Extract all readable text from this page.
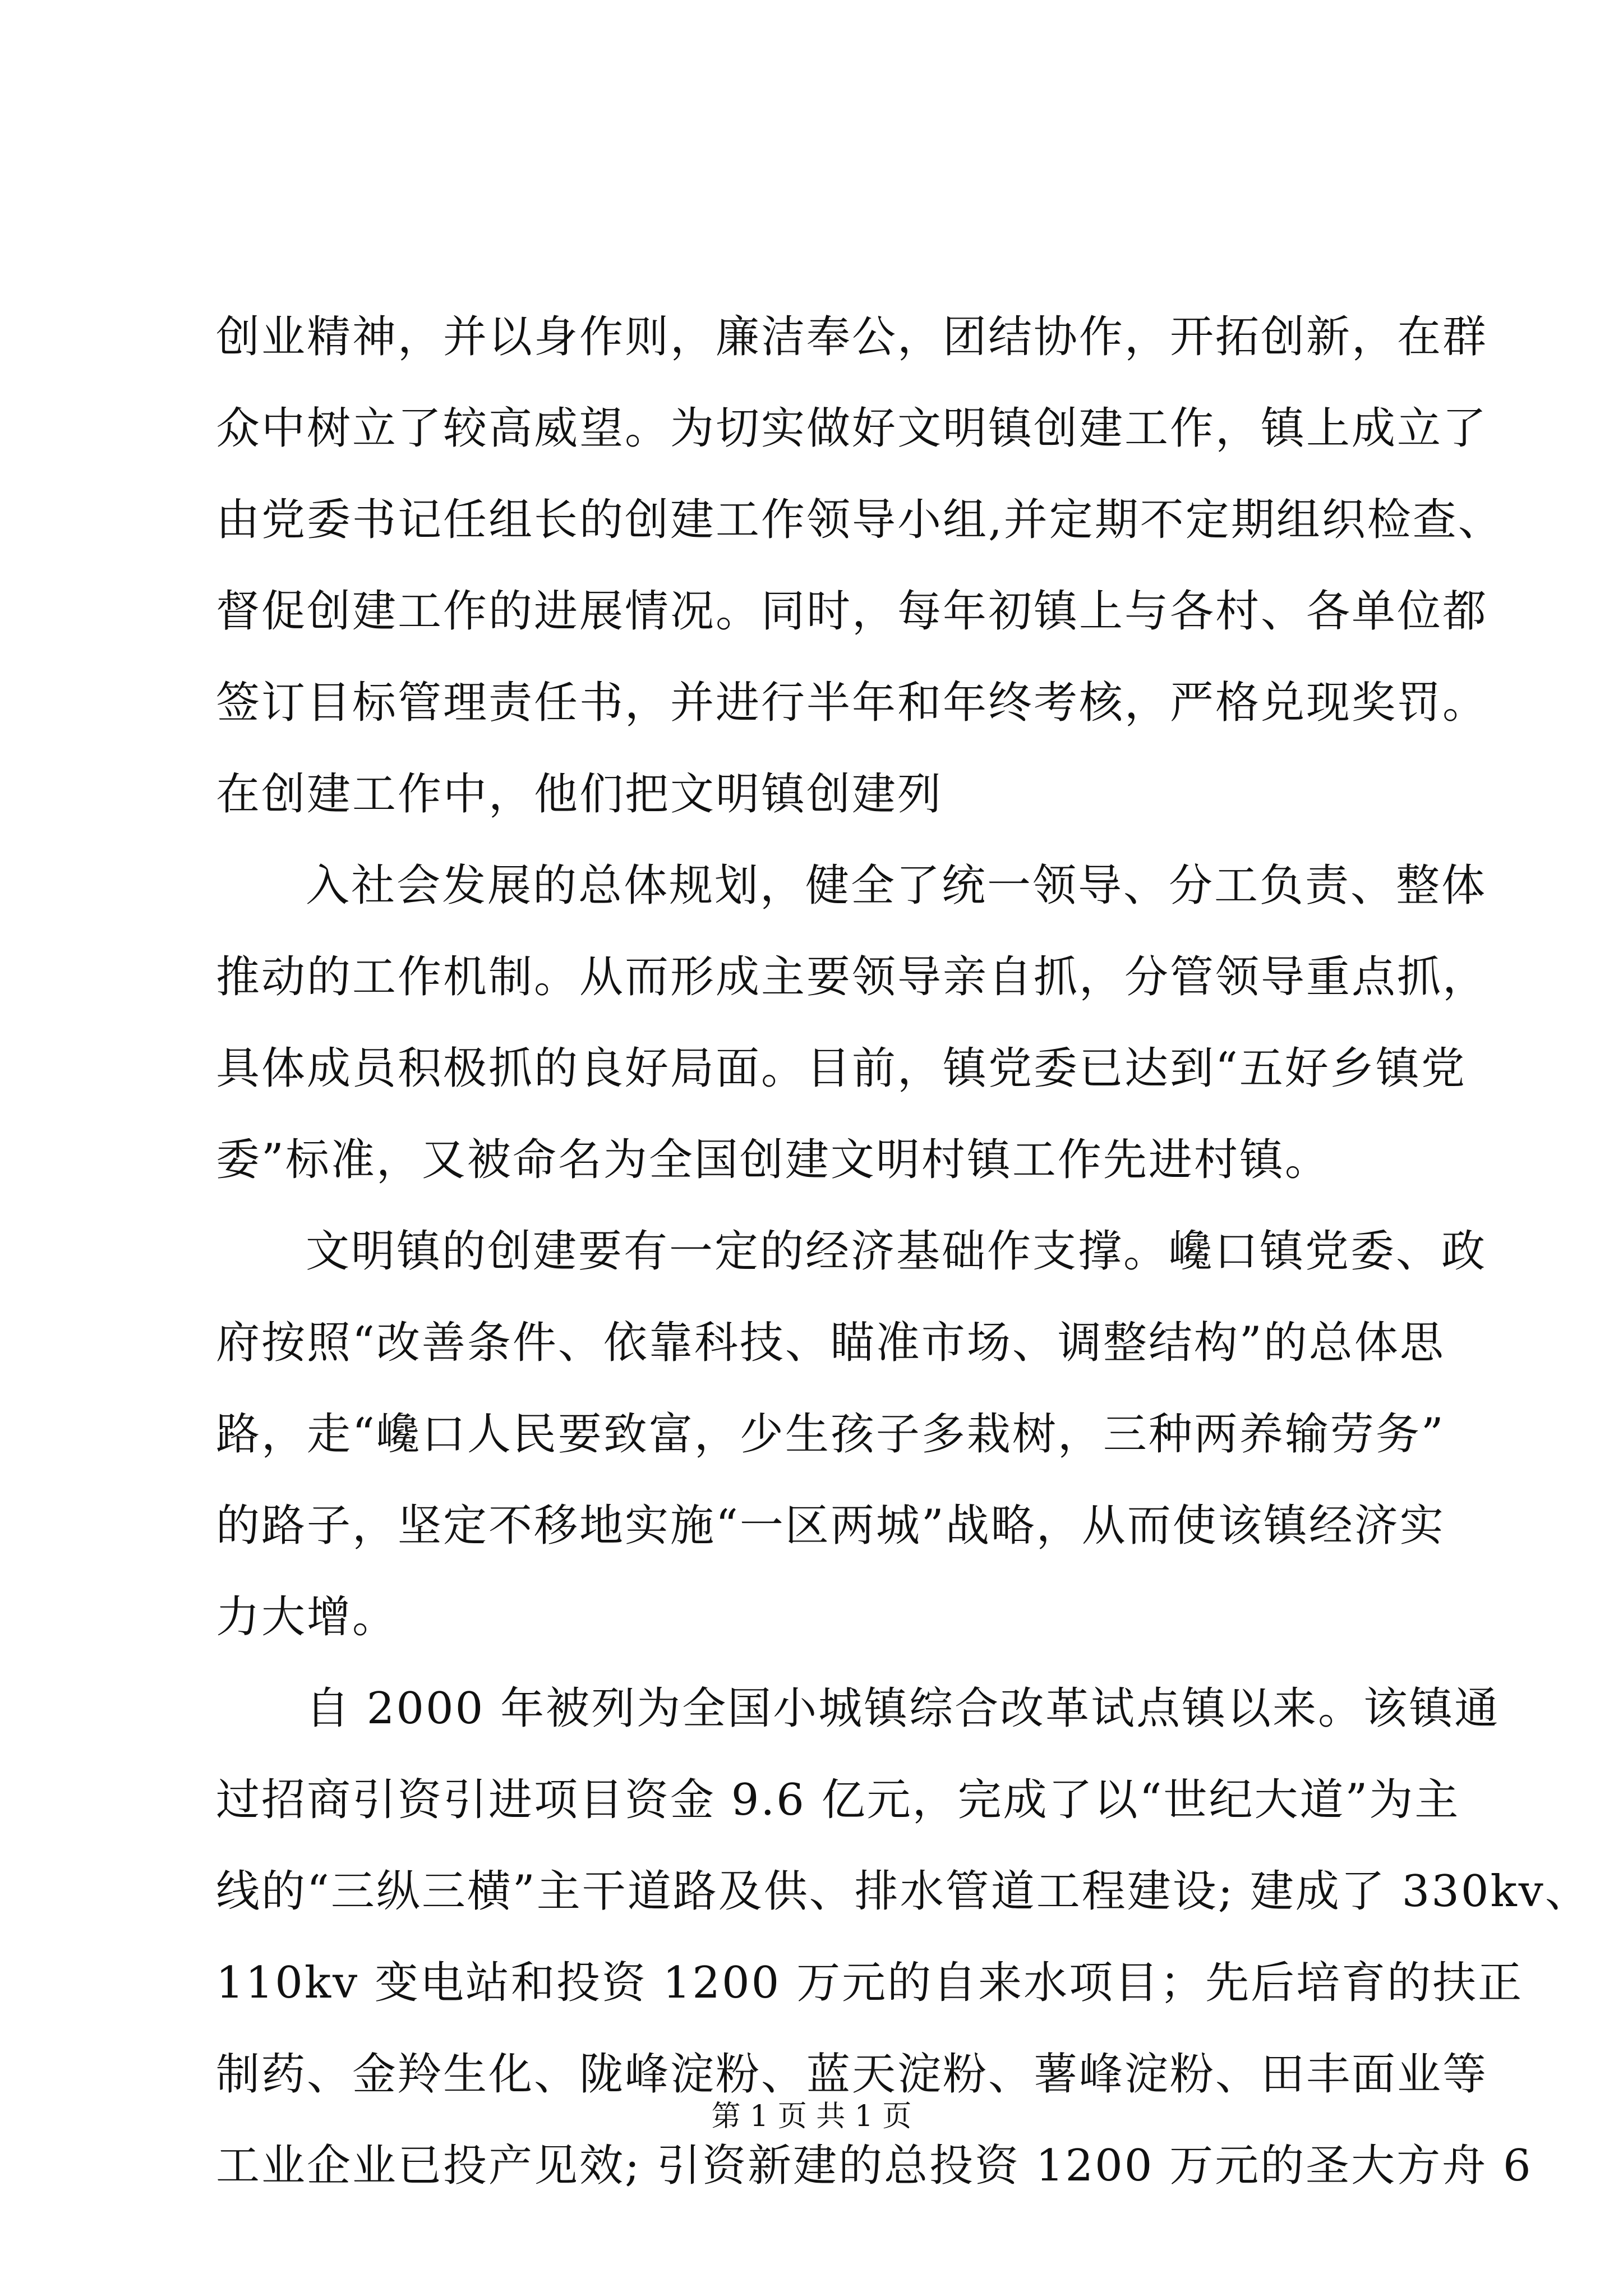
创业精神，并以身作则，廉洁奉公，团结协作，开拓创新，在群
众中树立了较高威望。为切实做好文明镇创建工作，镇上成立了
由党委书记任组长的创建工作领导小组,并定期不定期组织检查、
督促创建工作的进展情况。同时，每年初镇上与各村、各单位都
签订目标管理责任书，并进行半年和年终考核，严格兑现奖罚。
在创建工作中，他们把文明镇创建列
入社会发展的总体规划，健全了统一领导、分工负责、整体
推动的工作机制。从而形成主要领导亲自抓，分管领导重点抓，
具体成员积极抓的良好局面。目前，镇党委已达到“五好乡镇党
委”标准，又被命名为全国创建文明村镇工作先进村镇。
文明镇的创建要有一定的经济基础作支撑。巉口镇党委、政
府按照“改善条件、依靠科技、瞄准市场、调整结构”的总体思
路，走“巉口人民要致富，少生孩子多栽树，三种两养输劳务”
的路子，坚定不移地实施“一区两城”战略，从而使该镇经济实
力大增。
自 2000 年被列为全国小城镇综合改革试点镇以来。该镇通
过招商引资引进项目资金 9.6 亿元，完成了以“世纪大道”为主
线的“三纵三横”主干道路及供、排水管道工程建设; 建成了 330kv、
110kv 变电站和投资 1200 万元的自来水项目；先后培育的扶正
制药、金羚生化、陇峰淀粉、蓝天淀粉、薯峰淀粉、田丰面业等
工业企业已投产见效; 引资新建的总投资 1200 万元的圣大方舟 6
第 1 页 共 1 页
